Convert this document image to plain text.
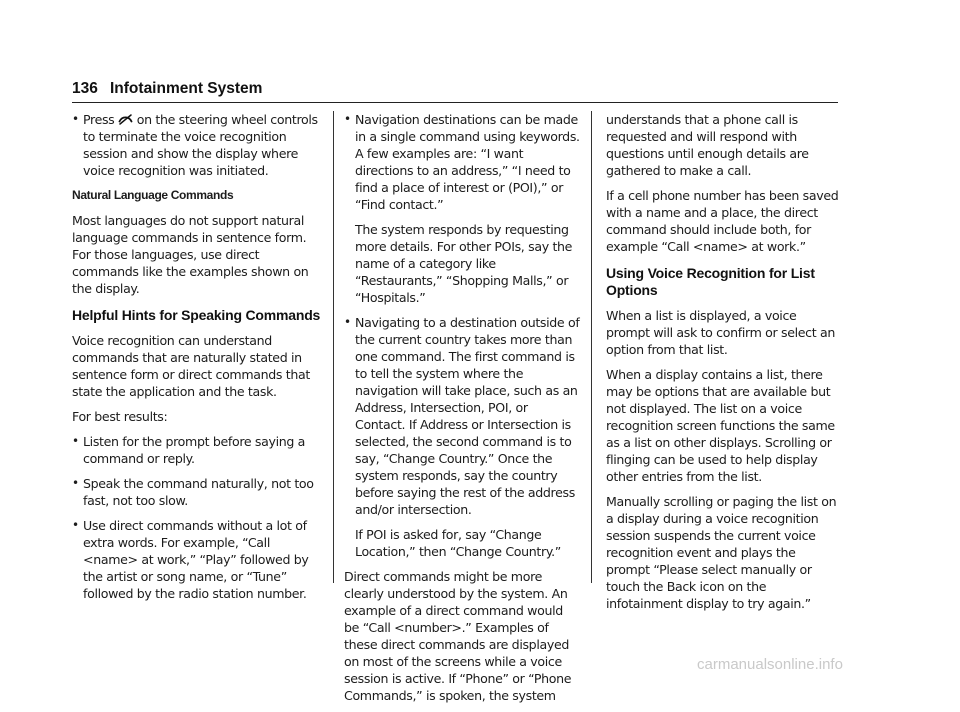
136 Infotainment System
• Press on the steering wheel controls to terminate the voice recognition session and show the display where voice recognition was initiated.
Natural Language Commands

Most languages do not support natural language commands in sentence form. For those languages, use direct commands like the examples shown on the display.

Helpful Hints for Speaking Commands

Voice recognition can understand commands that are naturally stated in sentence form or direct commands that state the application and the task.

For best results:

• Listen for the prompt before saying a command or reply.
• Speak the command naturally, not too fast, not too slow.
• Use direct commands without a lot of extra words. For example, “Call <name> at work,” “Play” followed by the artist or song name, or “Tune” followed by the radio station number.
• Navigation destinations can be made in a single command using keywords. A few examples are: “I want directions to an address,” “I need to find a place of interest or (POI),” or “Find contact.”

The system responds by requesting more details. For other POIs, say the name of a category like “Restaurants,” “Shopping Malls,” or “Hospitals.”

• Navigating to a destination outside of the current country takes more than one command. The first command is to tell the system where the navigation will take place, such as an Address, Intersection, POI, or Contact. If Address or Intersection is selected, the second command is to say, “Change Country.” Once the system responds, say the country before saying the rest of the address and/or intersection.

If POI is asked for, say “Change Location,” then “Change Country.”

Direct commands might be more clearly understood by the system. An example of a direct command would be “Call <number>.” Examples of these direct commands are displayed on most of the screens while a voice session is active. If “Phone” or “Phone Commands,” is spoken, the system

understands that a phone call is requested and will respond with questions until enough details are gathered to make a call.

If a cell phone number has been saved with a name and a place, the direct command should include both, for example “Call <name> at work.”

Using Voice Recognition for List Options

When a list is displayed, a voice prompt will ask to confirm or select an option from that list.

When a display contains a list, there may be options that are available but not displayed. The list on a voice recognition screen functions the same as a list on other displays. Scrolling or flinging can be used to help display other entries from the list.

Manually scrolling or paging the list on a display during a voice recognition session suspends the current voice recognition event and plays the prompt “Please select manually or touch the Back icon on the infotainment display to try again.”

carmanualsonline.info
